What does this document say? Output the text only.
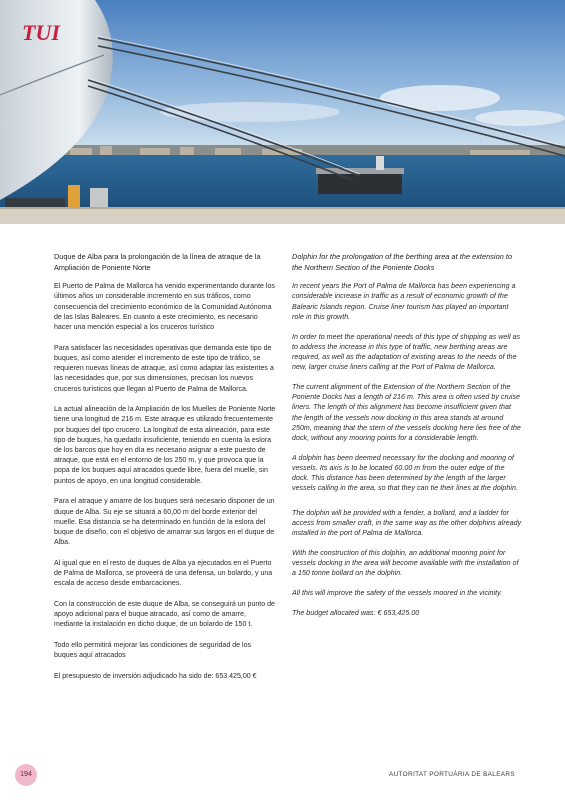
TUI
Duque de Alba para la prolongación de la línea de atraque de la Ampliación de Poniente Norte

El Puerto de Palma de Mallorca ha venido experimentando durante los últimos años un considerable incremento en sus tráficos, como consecuencia del crecimiento económico de la Comunidad Autónoma de las Islas Baleares. En cuanto a este crecimiento, es necesario hacer una mención especial a los cruceros turístico

Para satisfacer las necesidades operativas que demanda este tipo de buques, así como atender el incremento de este tipo de tráfico, se requieren nuevas líneas de atraque, así como adaptar las existentes a las necesidades que, por sus dimensiones, precisan los nuevos cruceros turísticos que llegan al Puerto de Palma de Mallorca.

La actual alineación de la Ampliación de los Muelles de Poniente Norte tiene una longitud de 216 m. Este atraque es utilizado frecuentemente por buques del tipo crucero. La longitud de esta alineación, para este tipo de buques, ha quedado insuficiente, teniendo en cuenta la eslora de los barcos que hoy en día es necesario asignar a este puesto de atraque, que está en el entorno de los 250 m, y que provoca que la popa de los buques aquí atracados quede libre, fuera del muelle, sin puntos de apoyo, en una longitud considerable.

Para el atraque y amarre de los buques será necesario disponer de un duque de Alba. Su eje se situará a 60,00 m del borde exterior del muelle. Esa distancia se ha determinado en función de la eslora del buque de diseño, con el objetivo de amarrar sus largos en el duque de Alba.

Al igual que en el resto de duques de Alba ya ejecutados en el Puerto de Palma de Mallorca, se proveerá de una defensa, un bolardo, y una escala de acceso desde embarcaciones.

Con la construcción de este duque de Alba, se conseguirá un punto de apoyo adicional para el buque atracado, así como de amarre, mediante la instalación en dicho duque, de un bolardo de 150 t.

Todo ello permitirá mejorar las condiciones de seguridad de los buques aquí atracados

El presupuesto de inversión adjudicado ha sido de: 653.425,00 €

Dolphin for the prolongation of the berthing area at the extension to the Northern Section of the Poniente Docks

In recent years the Port of Palma de Mallorca has been experiencing a considerable increase in traffic as a result of economic growth of the Balearic Islands region. Cruise liner tourism has played an important role in this growth.

In order to meet the operational needs of this type of shipping as well as to address the increase in this type of traffic, new berthing areas are required, as well as the adaptation of existing areas to the needs of the new, larger cruise liners calling at the Port of Palma de Mallorca.

The current alignment of the Extension of the Northern Section of the Poniente Docks has a length of 216 m. This area is often used by cruise liners. The length of this alignment has become insufficient given that the length of the vessels now docking in this area stands at around 250m, meaning that the stern of the vessels docking here lies free of the dock, without any mooring points for a considerable length.

A dolphin has been deemed necessary for the docking and mooring of vessels. Its axis is to be located 60.00 m from the outer edge of the dock. This distance has been determined by the length of the larger vessels calling in the area, so that they can tie their lines at the dolphin.

The dolphin will be provided with a fender, a bollard, and a ladder for access from smaller craft, in the same way as the other dolphins already installed in the port of Palma de Mallorca.

With the construction of this dolphin, an additional mooring point for vessels docking in the area will become available with the installation of a 150 tonne bollard on the dolphin.

All this will improve the safety of the vessels moored in the vicinity.

The budget allocated was: € 653,425.00

194	AUTORITAT PORTUÀRIA DE BALEARS
